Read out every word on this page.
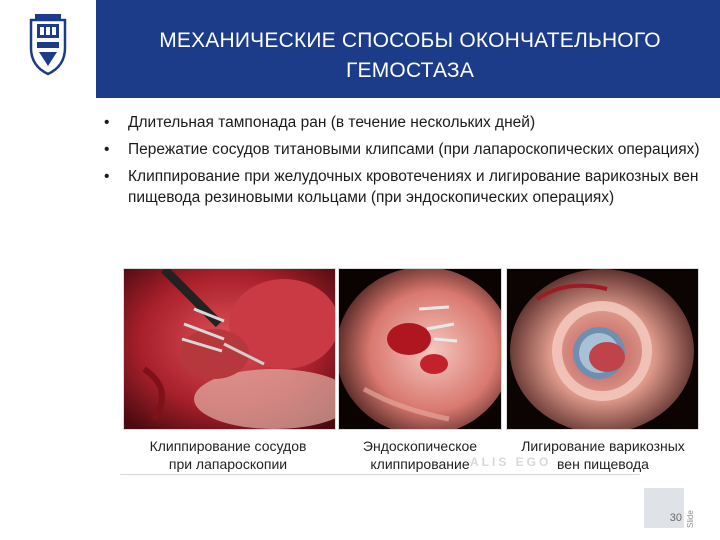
МЕХАНИЧЕСКИЕ СПОСОБЫ ОКОНЧАТЕЛЬНОГО
ГЕМОСТАЗА
• Длительная тампонада ран (в течение нескольких дней)
• Пережатие сосудов титановыми клипсами (при лапароскопических операциях)
• Клиппирование при желудочных кровотечениях и лигирование варикозных вен пищевода резиновыми кольцами (при эндоскопических операциях)
Клиппирование сосудов
при лапароскопии
Эндоскопическое
клиппирование
Лигирование варикозных
вен пищевода
ALIS EGO
30 Slide
